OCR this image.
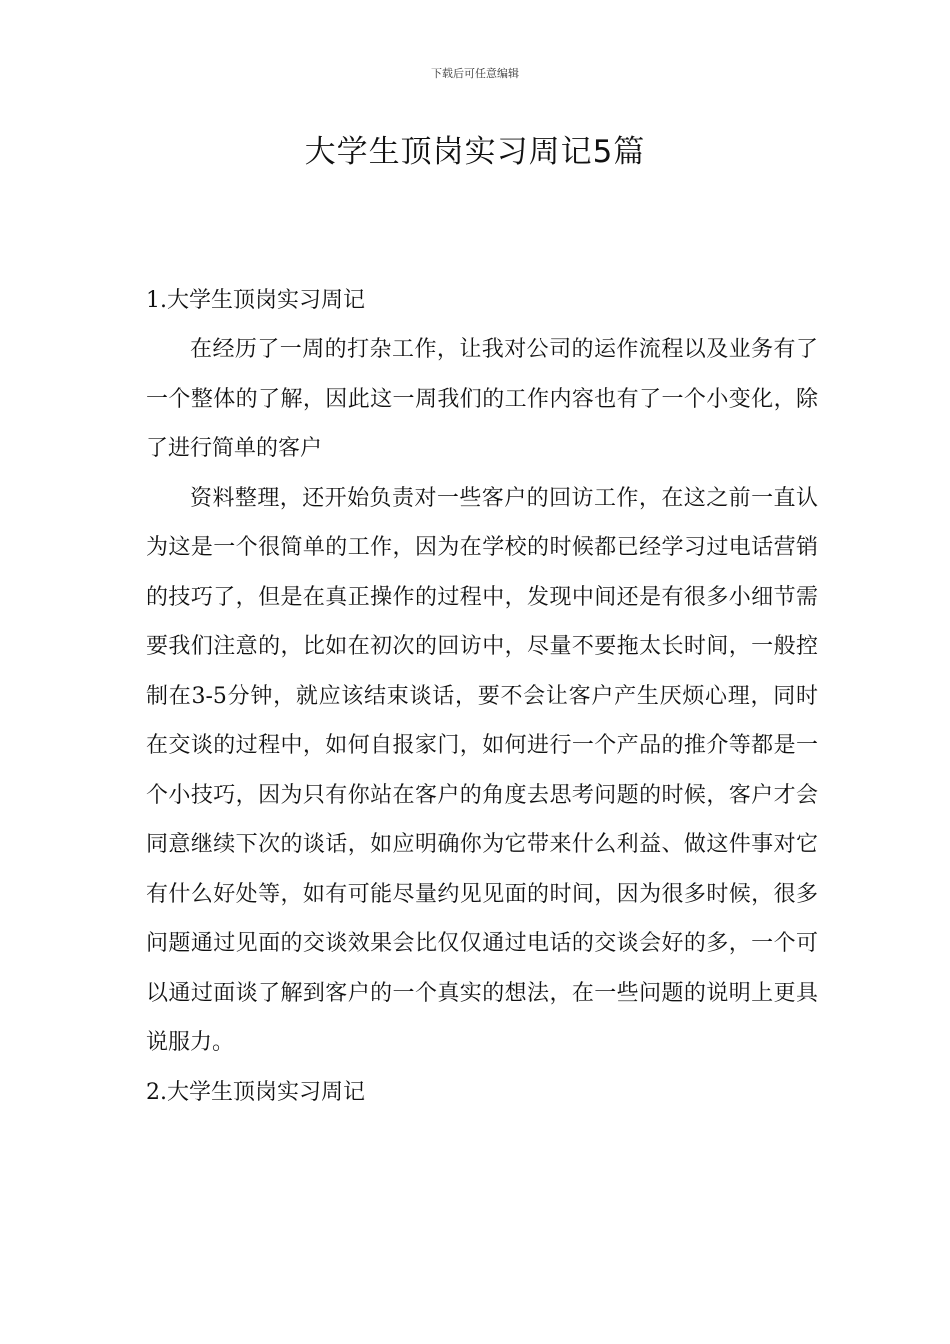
下载后可任意编辑
大学生顶岗实习周记5篇
1.大学生顶岗实习周记

在经历了一周的打杂工作，让我对公司的运作流程以及业务有了一个整体的了解，因此这一周我们的工作内容也有了一个小变化，除了进行简单的客户

资料整理，还开始负责对一些客户的回访工作，在这之前一直认为这是一个很简单的工作，因为在学校的时候都已经学习过电话营销的技巧了，但是在真正操作的过程中，发现中间还是有很多小细节需要我们注意的，比如在初次的回访中，尽量不要拖太长时间，一般控制在3-5分钟，就应该结束谈话，要不会让客户产生厌烦心理，同时在交谈的过程中，如何自报家门，如何进行一个产品的推介等都是一个小技巧，因为只有你站在客户的角度去思考问题的时候，客户才会同意继续下次的谈话，如应明确你为它带来什么利益、做这件事对它有什么好处等，如有可能尽量约见见面的时间，因为很多时候，很多问题通过见面的交谈效果会比仅仅通过电话的交谈会好的多，一个可以通过面谈了解到客户的一个真实的想法，在一些问题的说明上更具说服力。

2.大学生顶岗实习周记
